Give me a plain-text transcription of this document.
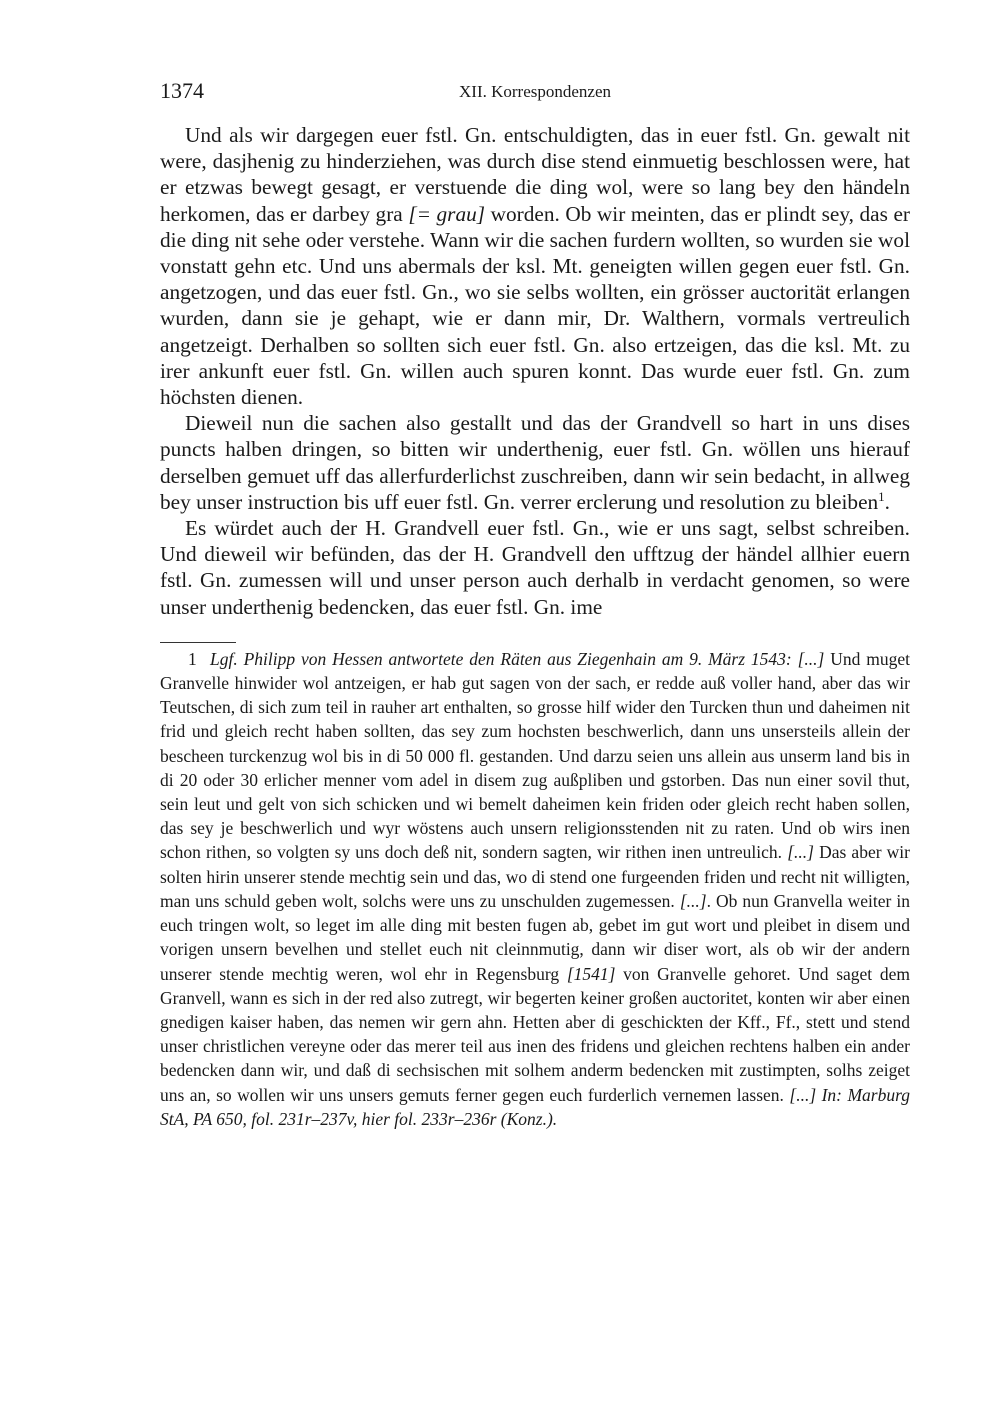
1374	XII. Korrespondenzen

Und als wir dargegen euer fstl. Gn. entschuldigten, das in euer fstl. Gn. gewalt nit were, dasjhenig zu hinderziehen, was durch dise stend einmuetig beschlossen were, hat er etzwas bewegt gesagt, er verstuende die ding wol, were so lang bey den händeln herkomen, das er darbey gra [= grau] worden. Ob wir meinten, das er plindt sey, das er die ding nit sehe oder verstehe. Wann wir die sachen furdern wollten, so wurden sie wol vonstatt gehn etc. Und uns abermals der ksl. Mt. geneigten willen gegen euer fstl. Gn. angetzogen, und das euer fstl. Gn., wo sie selbs wollten, ein grösser auctorität erlangen wurden, dann sie je gehapt, wie er dann mir, Dr. Walthern, vormals vertreulich angetzeigt. Derhalben so sollten sich euer fstl. Gn. also ertzeigen, das die ksl. Mt. zu irer ankunft euer fstl. Gn. willen auch spuren konnt. Das wurde euer fstl. Gn. zum höchsten dienen.

Dieweil nun die sachen also gestallt und das der Grandvell so hart in uns dises puncts halben dringen, so bitten wir underthenig, euer fstl. Gn. wöllen uns hierauf derselben gemuet uff das allerfurderlichst zuschreiben, dann wir sein bedacht, in allweg bey unser instruction bis uff euer fstl. Gn. verrer erclerung und resolution zu bleiben$^1$.

Es würdet auch der H. Grandvell euer fstl. Gn., wie er uns sagt, selbst schreiben. Und dieweil wir befünden, das der H. Grandvell den ufftzug der händel allhier euern fstl. Gn. zumessen will und unser person auch derhalb in verdacht genomen, so were unser underthenig bedencken, das euer fstl. Gn. ime

1 Lgf. Philipp von Hessen antwortete den Räten aus Ziegenhain am 9. März 1543: [...] Und muget Granvelle hinwider wol antzeigen, er hab gut sagen von der sach, er redde auß voller hand, aber das wir Teutschen, di sich zum teil in rauher art enthalten, so grosse hilf wider den Turcken thun und daheimen nit frid und gleich recht haben sollten, das sey zum hochsten beschwerlich, dann uns unsersteils allein der bescheen turckenzug wol bis in di 50 000 fl. gestanden. Und darzu seien uns allein aus unserm land bis in di 20 oder 30 erlicher menner vom adel in disem zug außpliben und gstorben. Das nun einer sovil thut, sein leut und gelt von sich schicken und wi bemelt daheimen kein friden oder gleich recht haben sollen, das sey je beschwerlich und wyr wöstens auch unsern religionsstenden nit zu raten. Und ob wirs inen schon rithen, so volgten sy uns doch deß nit, sondern sagten, wir rithen inen untreulich. [...] Das aber wir solten hirin unserer stende mechtig sein und das, wo di stend one furgeenden friden und recht nit willigten, man uns schuld geben wolt, solchs were uns zu unschulden zugemessen. [...]. Ob nun Granvella weiter in euch tringen wolt, so leget im alle ding mit besten fugen ab, gebet im gut wort und pleibet in disem und vorigen unsern bevelhen und stellet euch nit cleinnmutig, dann wir diser wort, als ob wir der andern unserer stende mechtig weren, wol ehr in Regensburg [1541] von Granvelle gehoret. Und saget dem Granvell, wann es sich in der red also zutregt, wir begerten keiner großen auctoritet, konten wir aber einen gnedigen kaiser haben, das nemen wir gern ahn. Hetten aber di geschickten der Kff., Ff., stett und stend unser christlichen vereyne oder das merer teil aus inen des fridens und gleichen rechtens halben ein ander bedencken dann wir, und daß di sechsischen mit solhem anderm bedencken mit zustimpten, solhs zeiget uns an, so wollen wir uns unsers gemuts ferner gegen euch furderlich vernemen lassen. [...] In: Marburg StA, PA 650, fol. 231r–237v, hier fol. 233r–236r (Konz.).
